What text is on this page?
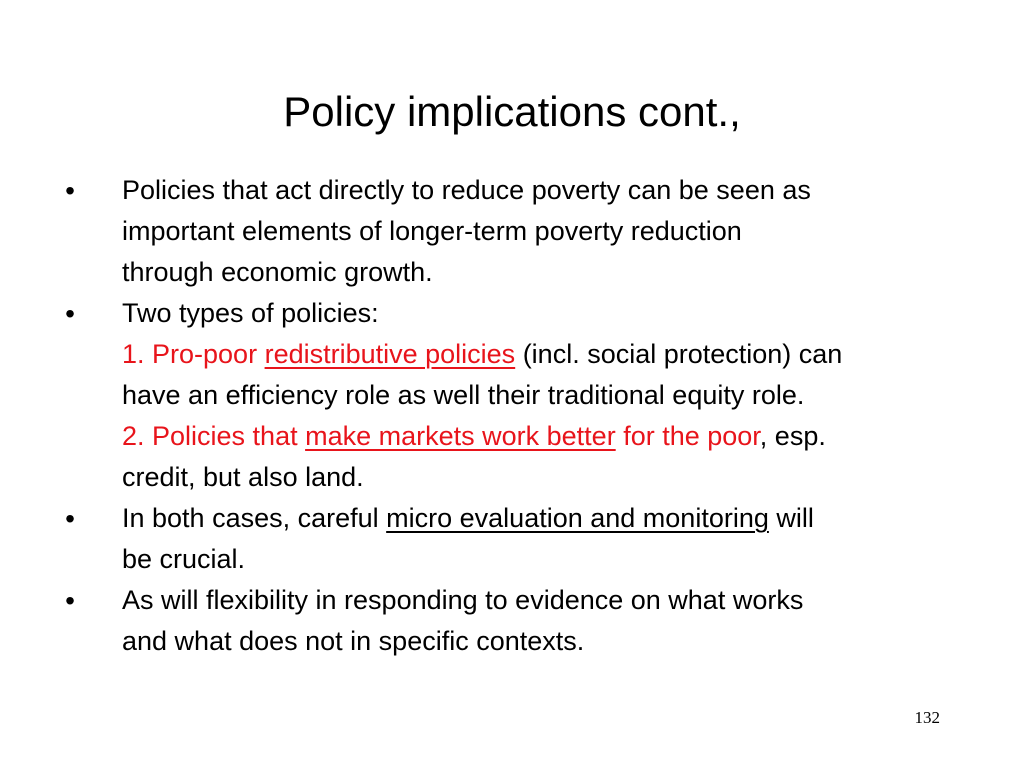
Policy implications cont.,
• Policies that act directly to reduce poverty can be seen as
important elements of longer-term poverty reduction
through economic growth.
• Two types of policies:
1. Pro-poor redistributive policies (incl. social protection) can
have an efficiency role as well their traditional equity role.
2. Policies that make markets work better for the poor, esp.
credit, but also land.
• In both cases, careful micro evaluation and monitoring will
be crucial.
• As will flexibility in responding to evidence on what works
and what does not in specific contexts.
132
